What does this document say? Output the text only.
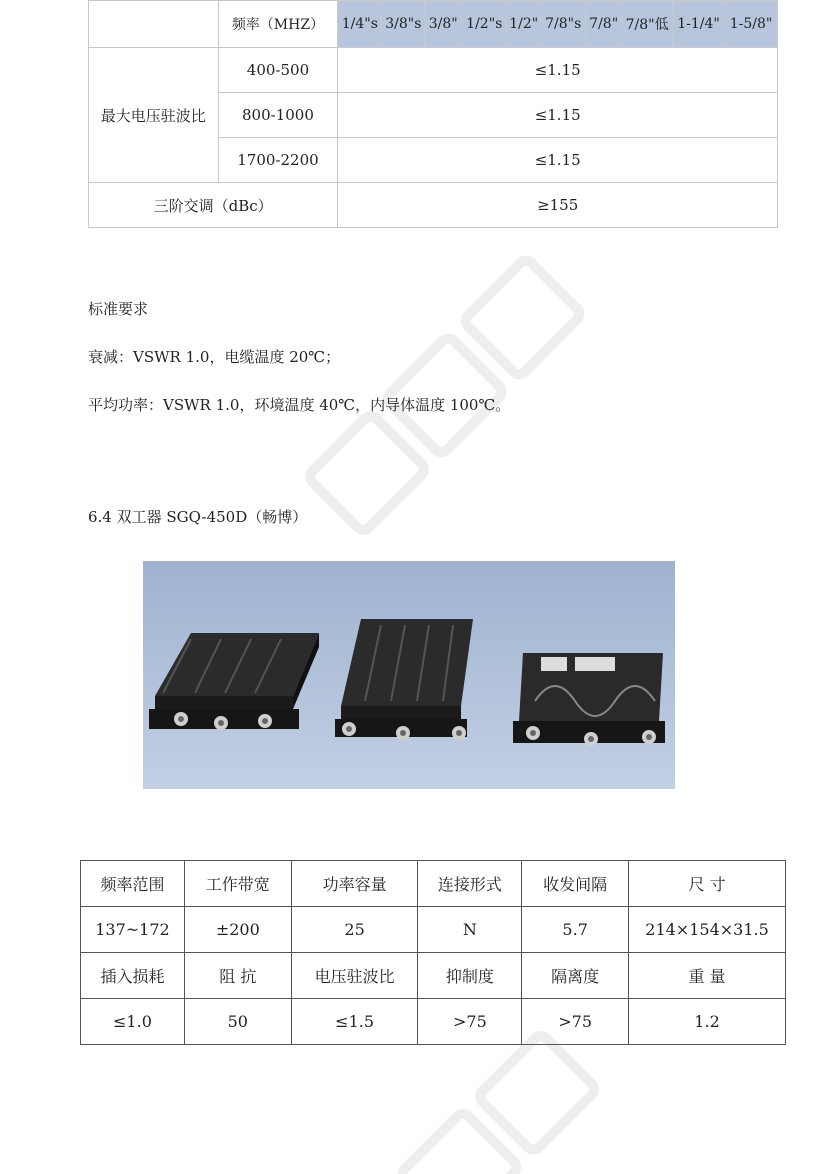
	频率（MHZ）	1/4"s	3/8"s	3/8"	1/2"s	1/2"	7/8"s	7/8"	7/8"低	1-1/4"	1-5/8"
最大电压驻波比	400-500	≤1.15									
	800-1000	≤1.15									
	1700-2200	≤1.15									
三阶交调（dBc）		≥155									
标准要求
衰减：VSWR 1.0，电缆温度 20℃；
平均功率：VSWR 1.0，环境温度 40℃，内导体温度 100℃。
6.4 双工器 SGQ-450D（畅博）
频率范围	工作带宽	功率容量	连接形式	收发间隔	尺 寸
137~172	±200	25	N	5.7	214×154×31.5
插入损耗	阻 抗	电压驻波比	抑制度	隔离度	重 量
≤1.0	50	≤1.5	>75	>75	1.2
